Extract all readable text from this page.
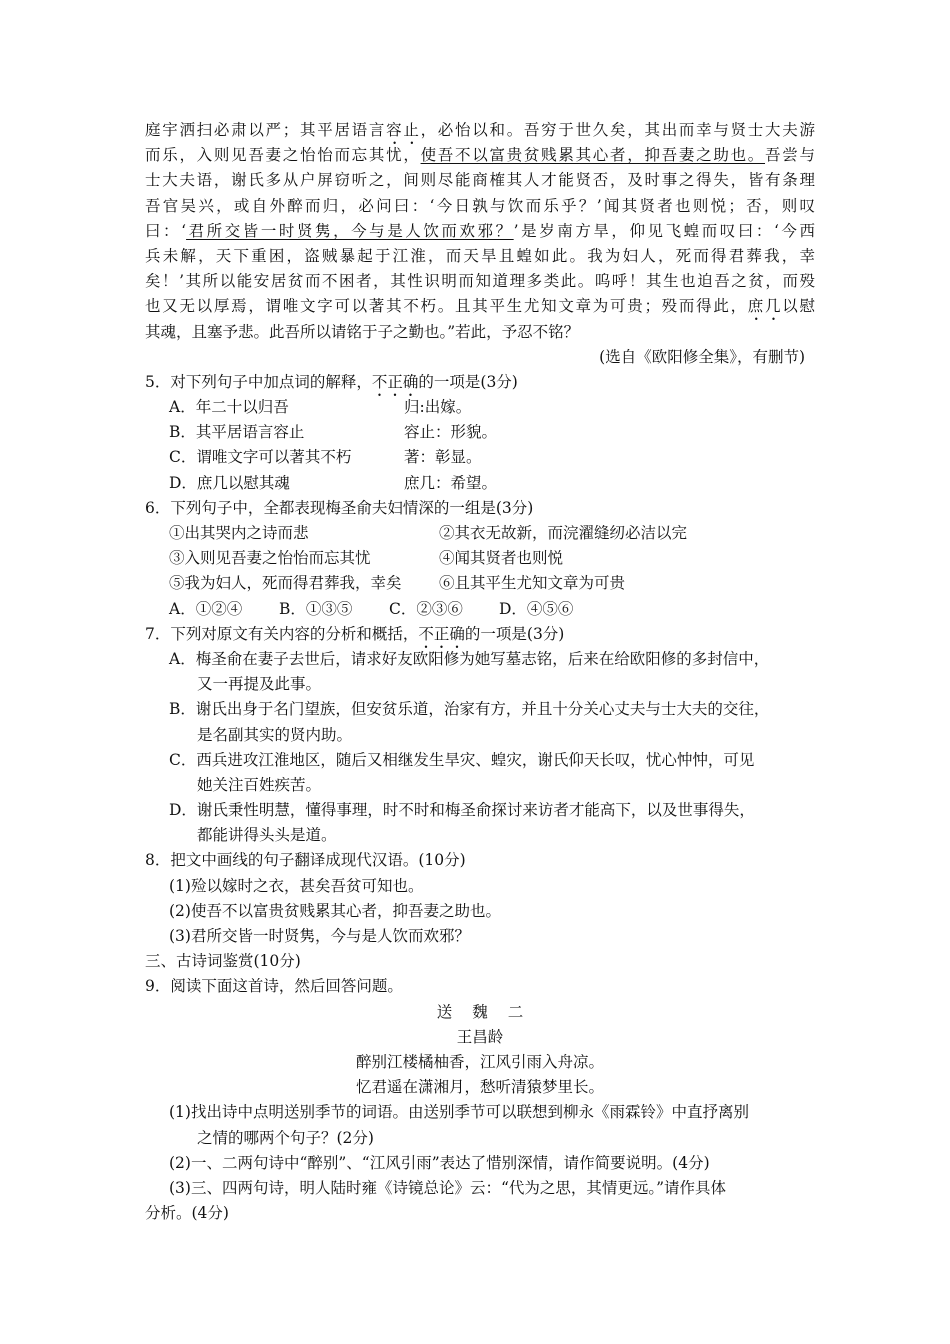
庭宇洒扫必肃以严；其平居语言容止，必怡以和。吾穷于世久矣，其出而幸与贤士大夫游
而乐，入则见吾妻之怡怡而忘其忧，使吾不以富贵贫贱累其心者，抑吾妻之助也。吾尝与
士大夫语，谢氏多从户屏窃听之，间则尽能商榷其人才能贤否，及时事之得失，皆有条理
吾官吴兴，或自外醉而归，必问曰：‘今日孰与饮而乐乎？’闻其贤者也则悦；否，则叹
曰：‘君所交皆一时贤隽，今与是人饮而欢邪？’是岁南方旱，仰见飞蝗而叹曰：‘今西
兵未解，天下重困，盗贼暴起于江淮，而天旱且蝗如此。我为妇人，死而得君葬我，幸
矣！’其所以能安居贫而不困者，其性识明而知道理多类此。呜呼！其生也迫吾之贫，而殁
也又无以厚焉，谓唯文字可以著其不朽。且其平生尤知文章为可贵；殁而得此，庶几以慰
其魂，且塞予悲。此吾所以请铭于子之勤也。”若此，予忍不铭？
(选自《欧阳修全集》，有删节)
5．对下列句子中加点词的解释，不正确的一项是(3分)
A．年二十以归吾	归:出嫁。
B．其平居语言容止	容止：形貌。
C．谓唯文字可以著其不朽	著：彰显。
D．庶几以慰其魂	庶几：希望。
6．下列句子中，全都表现梅圣俞夫妇情深的一组是(3分)
①出其哭内之诗而悲	②其衣无故新，而浣濯缝纫必洁以完
③入则见吾妻之怡怡而忘其忧	④闻其贤者也则悦
⑤我为妇人，死而得君葬我，幸矣 ⑥且其平生尤知文章为可贵
A．①②④ B．①③⑤ C．②③⑥ D．④⑤⑥
7．下列对原文有关内容的分析和概括，不正确的一项是(3分)
A．梅圣俞在妻子去世后，请求好友欧阳修为她写墓志铭，后来在给欧阳修的多封信中，
又一再提及此事。
B．谢氏出身于名门望族，但安贫乐道，治家有方，并且十分关心丈夫与士大夫的交往，
是名副其实的贤内助。
C．西兵进攻江淮地区，随后又相继发生旱灾、蝗灾，谢氏仰天长叹，忧心忡忡，可见
她关注百姓疾苦。
D．谢氏秉性明慧，懂得事理，时不时和梅圣俞探讨来访者才能高下，以及世事得失，
都能讲得头头是道。
8．把文中画线的句子翻译成现代汉语。(10分)
(1)殓以嫁时之衣，甚矣吾贫可知也。
(2)使吾不以富贵贫贱累其心者，抑吾妻之助也。
(3)君所交皆一时贤隽，今与是人饮而欢邪？
三、古诗词鉴赏(10分)
9．阅读下面这首诗，然后回答问题。
送魏二
王昌龄
醉别江楼橘柚香，江风引雨入舟凉。
忆君遥在潇湘月，愁听清猿梦里长。
(1)找出诗中点明送别季节的词语。由送别季节可以联想到柳永《雨霖铃》中直抒离别
之情的哪两个句子？(2分)
(2)一、二两句诗中“醉别”、“江风引雨”表达了惜别深情，请作简要说明。(4分)
(3)三、四两句诗，明人陆时雍《诗镜总论》云：“代为之思，其情更远。”请作具体
分析。(4分)
